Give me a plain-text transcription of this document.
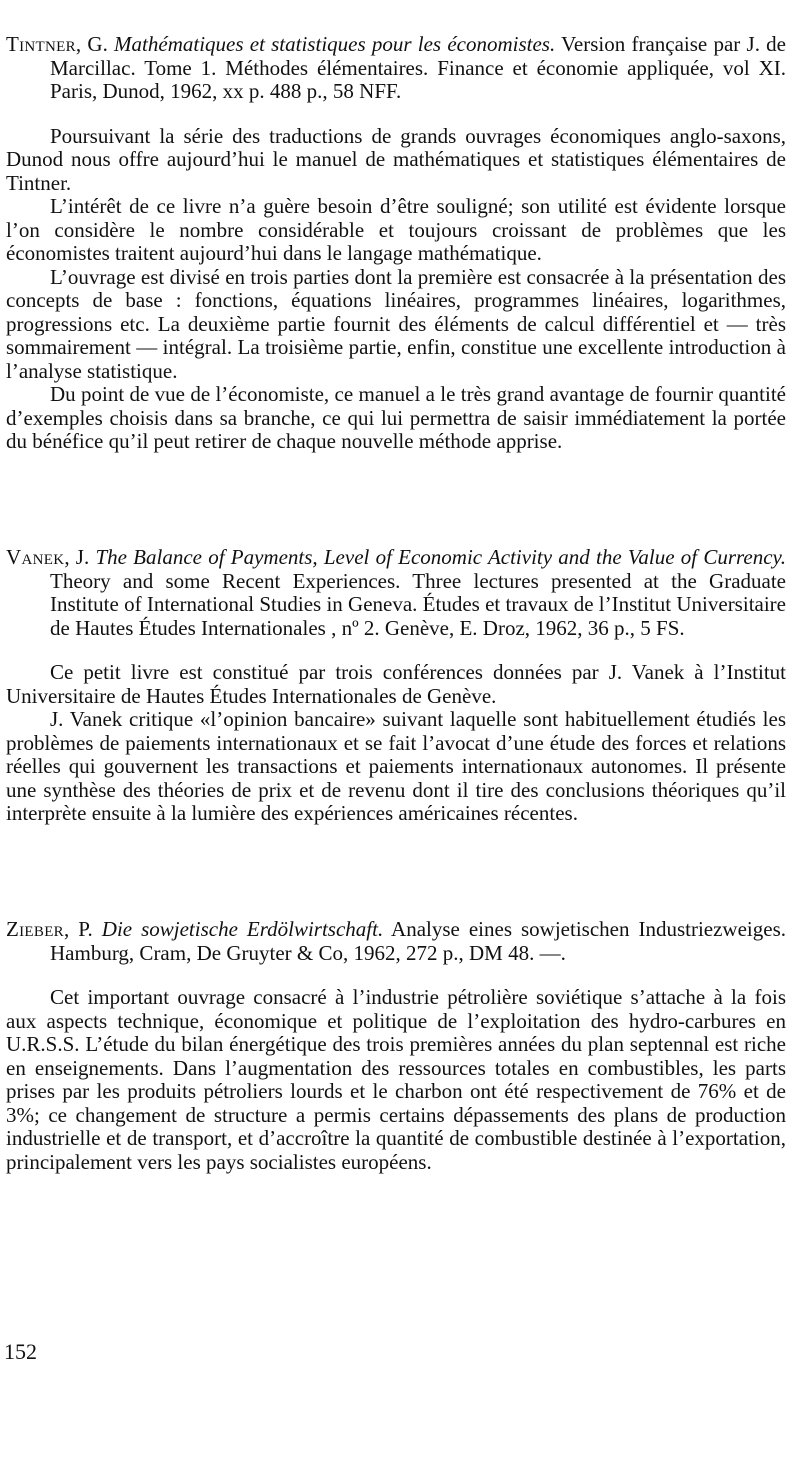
Tintner, G. Mathématiques et statistiques pour les économistes. Version française par J. de Marcillac. Tome 1. Méthodes élémentaires. Finance et économie appliquée, vol XI. Paris, Dunod, 1962, xx p. 488 p., 58 NFF.

Poursuivant la série des traductions de grands ouvrages économiques anglo-saxons, Dunod nous offre aujourd’hui le manuel de mathématiques et statistiques élémentaires de Tintner.

L’intérêt de ce livre n’a guère besoin d’être souligné; son utilité est évidente lorsque l’on considère le nombre considérable et toujours croissant de problèmes que les économistes traitent aujourd’hui dans le langage mathématique.

L’ouvrage est divisé en trois parties dont la première est consacrée à la présentation des concepts de base : fonctions, équations linéaires, programmes linéaires, logarithmes, progressions etc. La deuxième partie fournit des éléments de calcul différentiel et — très sommairement — intégral. La troisième partie, enfin, constitue une excellente introduction à l’analyse statistique.

Du point de vue de l’économiste, ce manuel a le très grand avantage de fournir quantité d’exemples choisis dans sa branche, ce qui lui permettra de saisir immédiatement la portée du bénéfice qu’il peut retirer de chaque nouvelle méthode apprise.

Vanek, J. The Balance of Payments, Level of Economic Activity and the Value of Currency. Theory and some Recent Experiences. Three lectures presented at the Graduate Institute of International Studies in Geneva. Études et travaux de l’Institut Universitaire de Hautes Études Internationales , nº 2. Genève, E. Droz, 1962, 36 p., 5 FS.

Ce petit livre est constitué par trois conférences données par J. Vanek à l’Institut Universitaire de Hautes Études Internationales de Genève.

J. Vanek critique «l’opinion bancaire» suivant laquelle sont habituellement étudiés les problèmes de paiements internationaux et se fait l’avocat d’une étude des forces et relations réelles qui gouvernent les transactions et paiements internationaux autonomes. Il présente une synthèse des théories de prix et de revenu dont il tire des conclusions théoriques qu’il interprète ensuite à la lumière des expériences américaines récentes.

Zieber, P. Die sowjetische Erdölwirtschaft. Analyse eines sowjetischen Industriezweiges. Hamburg, Cram, De Gruyter & Co, 1962, 272 p., DM 48. —.

Cet important ouvrage consacré à l’industrie pétrolière soviétique s’attache à la fois aux aspects technique, économique et politique de l’exploitation des hydro-carbures en U.R.S.S. L’étude du bilan énergétique des trois premières années du plan septennal est riche en enseignements. Dans l’augmentation des ressources totales en combustibles, les parts prises par les produits pétroliers lourds et le charbon ont été respectivement de 76% et de 3%; ce changement de structure a permis certains dépassements des plans de production industrielle et de transport, et d’accroître la quantité de combustible destinée à l’exportation, principalement vers les pays socialistes européens.

152
